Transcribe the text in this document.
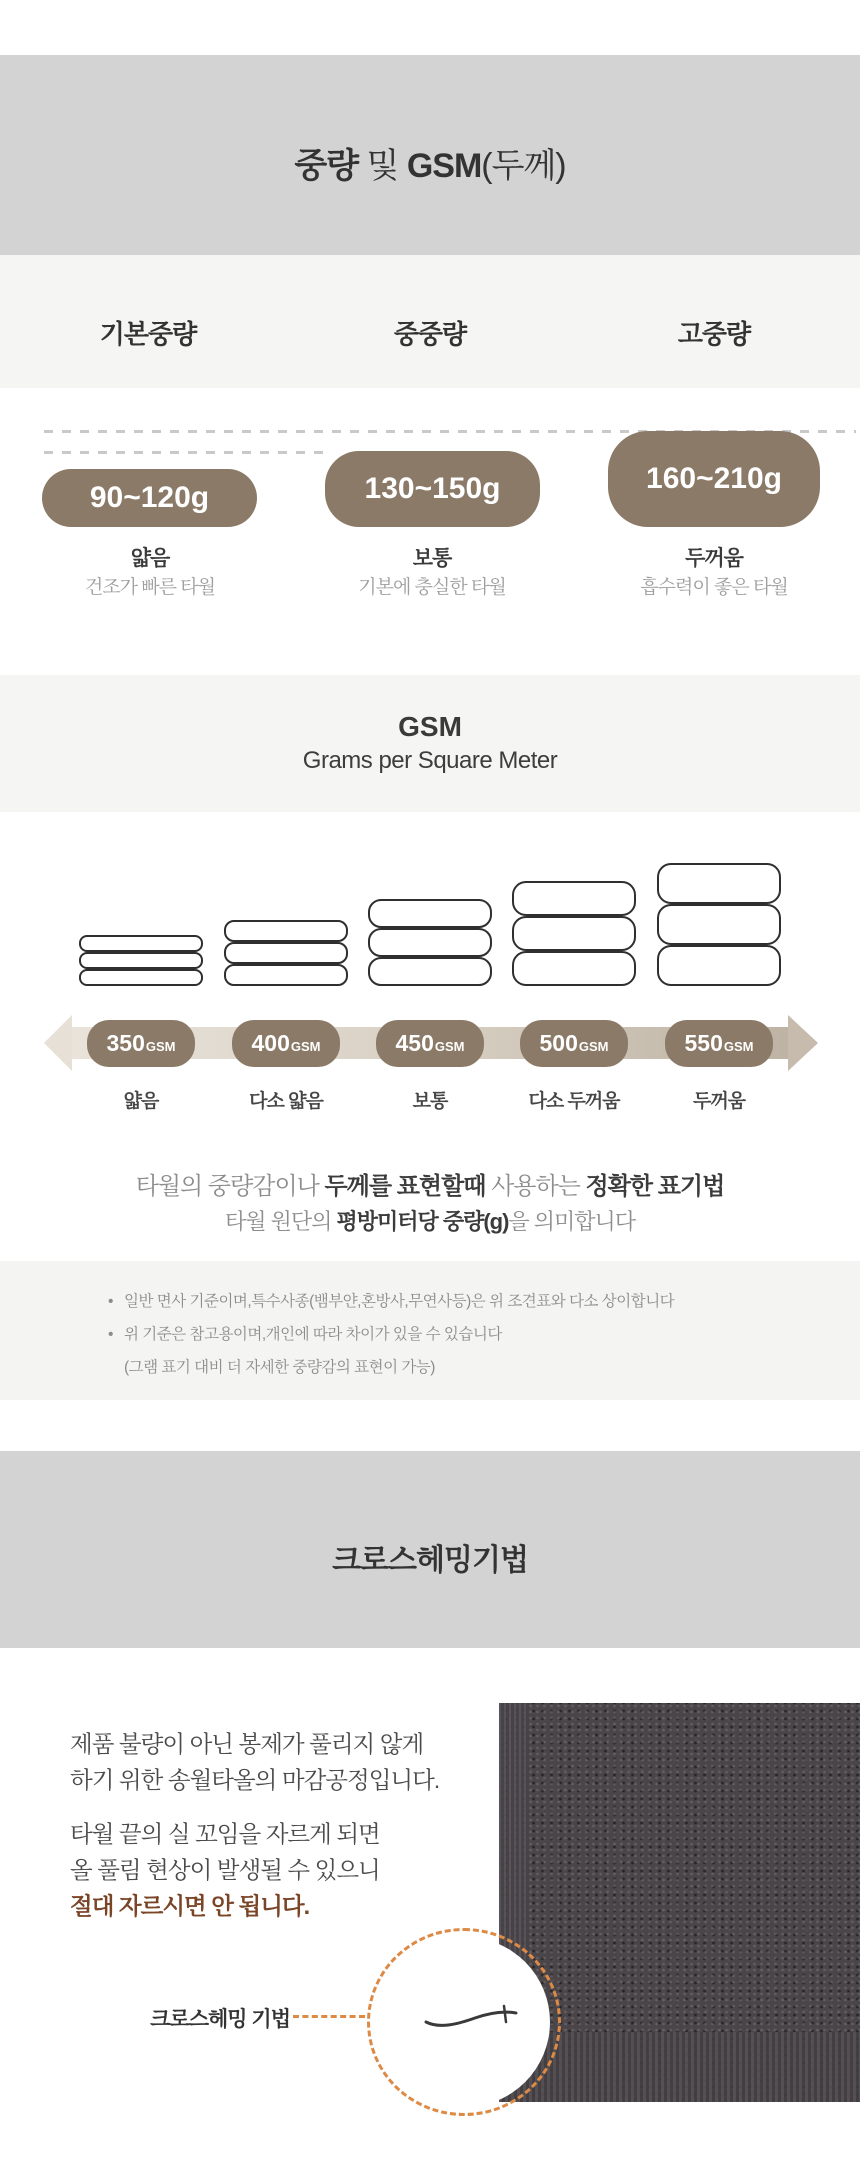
중량 및 GSM(두께)
기본중량	중중량	고중량
90~120g	130~150g	160~210g
얇음	보통	두꺼움
건조가 빠른 타월	기본에 충실한 타월	흡수력이 좋은 타월
GSM
Grams per Square Meter
350 GSM	400 GSM	450 GSM	500 GSM	550 GSM
얇음	다소 얇음	보통	다소 두꺼움	두꺼움
타월의 중량감이나 두께를 표현할때 사용하는 정확한 표기법
타월 원단의 평방미터당 중량(g)을 의미합니다
• 일반 면사 기준이며,특수사종(뱀부얀,혼방사,무연사등)은 위 조견표와 다소 상이합니다
• 위 기준은 참고용이며,개인에 따라 차이가 있을 수 있습니다
(그램 표기 대비 더 자세한 중량감의 표현이 가능)
크로스헤밍기법
제품 불량이 아닌 봉제가 풀리지 않게
하기 위한 송월타올의 마감공정입니다.
타월 끝의 실 꼬임을 자르게 되면
올 풀림 현상이 발생될 수 있으니
절대 자르시면 안 됩니다.
크로스헤밍 기법
